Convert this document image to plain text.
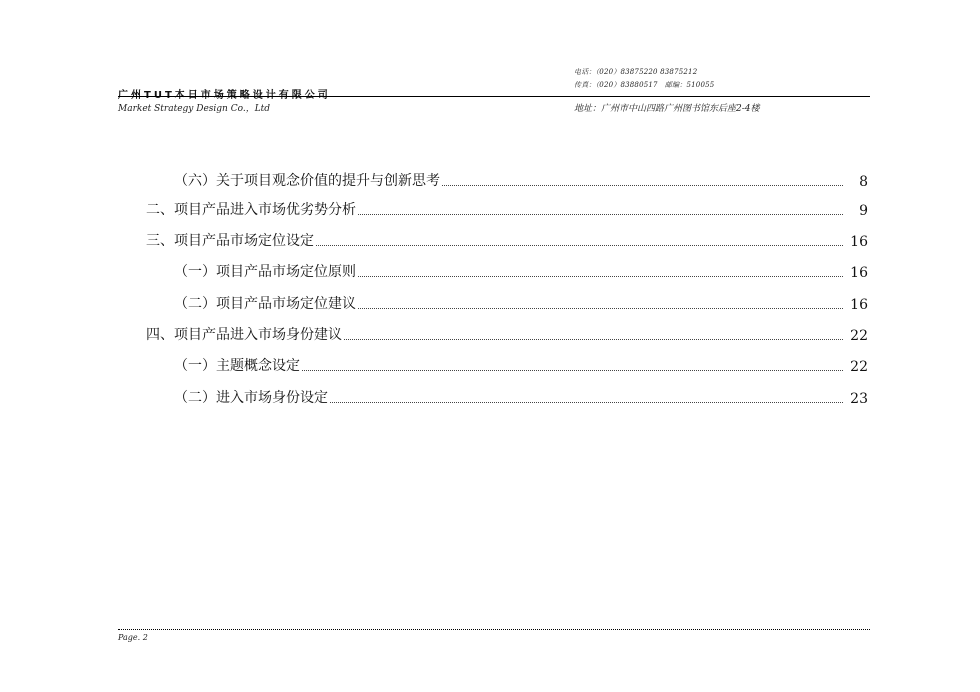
电话：（020）83875220 83875212
传真：（020）83880517　邮编：510055
广州TUT本日市场策略设计有限公司
Market Strategy Design Co.，Ltd	地址：广州市中山四路广州图书馆东后座2-4楼
（六）关于项目观念价值的提升与创新思考	8
二、项目产品进入市场优劣势分析	9
三、项目产品市场定位设定	16
（一）项目产品市场定位原则	16
（二）项目产品市场定位建议	16
四、项目产品进入市场身份建议	22
（一）主题概念设定	22
（二）进入市场身份设定	23
Page. 2
